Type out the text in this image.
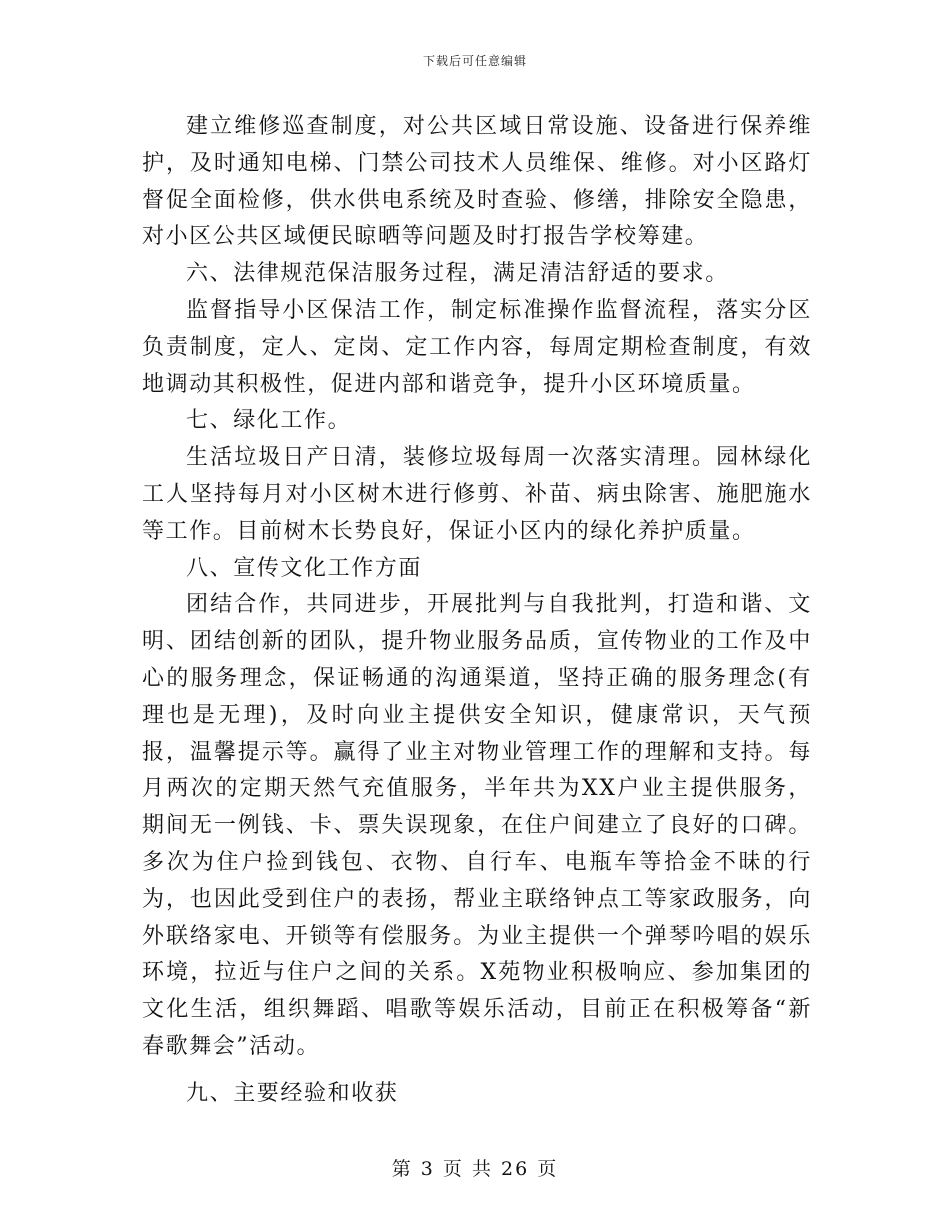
下载后可任意编辑

建立维修巡查制度，对公共区域日常设施、设备进行保养维护，及时通知电梯、门禁公司技术人员维保、维修。对小区路灯督促全面检修，供水供电系统及时查验、修缮，排除安全隐患，对小区公共区域便民晾晒等问题及时打报告学校筹建。

六、法律规范保洁服务过程，满足清洁舒适的要求。

监督指导小区保洁工作，制定标准操作监督流程，落实分区负责制度，定人、定岗、定工作内容，每周定期检查制度，有效地调动其积极性，促进内部和谐竞争，提升小区环境质量。

七、绿化工作。

生活垃圾日产日清，装修垃圾每周一次落实清理。园林绿化工人坚持每月对小区树木进行修剪、补苗、病虫除害、施肥施水等工作。目前树木长势良好，保证小区内的绿化养护质量。

八、宣传文化工作方面

团结合作，共同进步，开展批判与自我批判，打造和谐、文明、团结创新的团队，提升物业服务品质，宣传物业的工作及中心的服务理念，保证畅通的沟通渠道，坚持正确的服务理念(有理也是无理)，及时向业主提供安全知识，健康常识，天气预报，温馨提示等。赢得了业主对物业管理工作的理解和支持。每月两次的定期天然气充值服务，半年共为XX户业主提供服务，期间无一例钱、卡、票失误现象，在住户间建立了良好的口碑。多次为住户捡到钱包、衣物、自行车、电瓶车等拾金不昧的行为，也因此受到住户的表扬，帮业主联络钟点工等家政服务，向外联络家电、开锁等有偿服务。为业主提供一个弹琴吟唱的娱乐环境，拉近与住户之间的关系。X苑物业积极响应、参加集团的文化生活，组织舞蹈、唱歌等娱乐活动，目前正在积极筹备“新春歌舞会”活动。

九、主要经验和收获

第 3 页 共 26 页
